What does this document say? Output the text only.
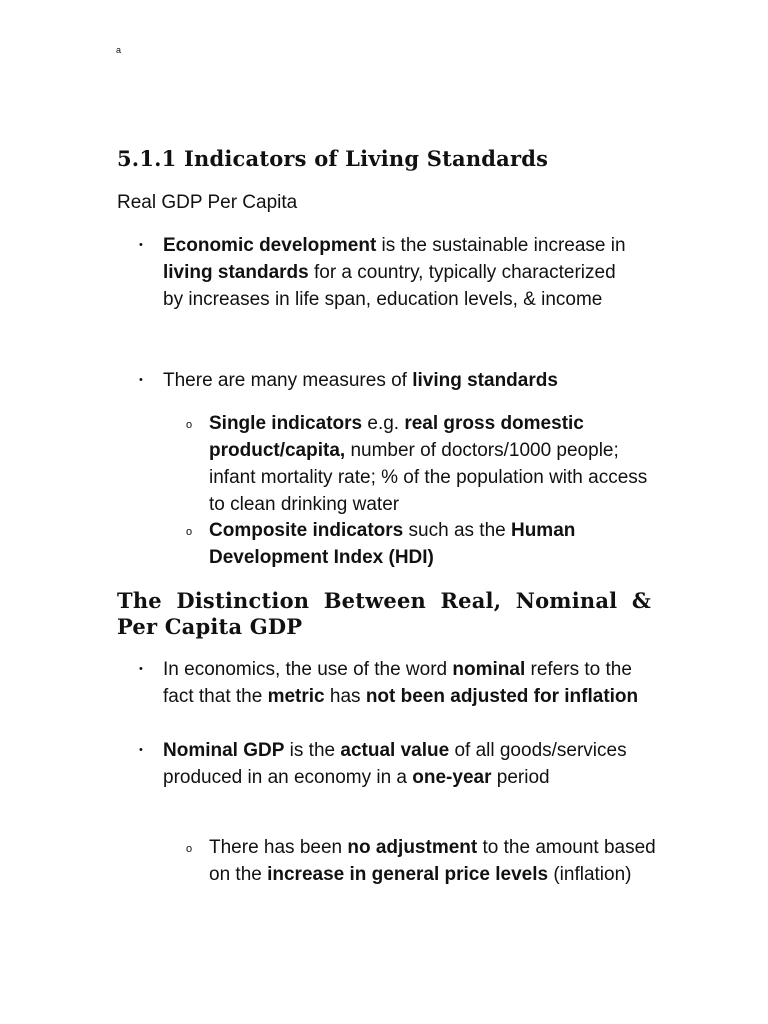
a
5.1.1 Indicators of Living Standards
Real GDP Per Capita
• Economic development is the sustainable increase in living standards for a country, typically characterized by increases in life span, education levels, & income
• There are many measures of living standards
o Single indicators e.g. real gross domestic product/capita, number of doctors/1000 people; infant mortality rate; % of the population with access to clean drinking water
o Composite indicators such as the Human Development Index (HDI)
The Distinction Between Real, Nominal & Per Capita GDP
• In economics, the use of the word nominal refers to the fact that the metric has not been adjusted for inflation
• Nominal GDP is the actual value of all goods/services produced in an economy in a one-year period
o There has been no adjustment to the amount based on the increase in general price levels (inflation)
